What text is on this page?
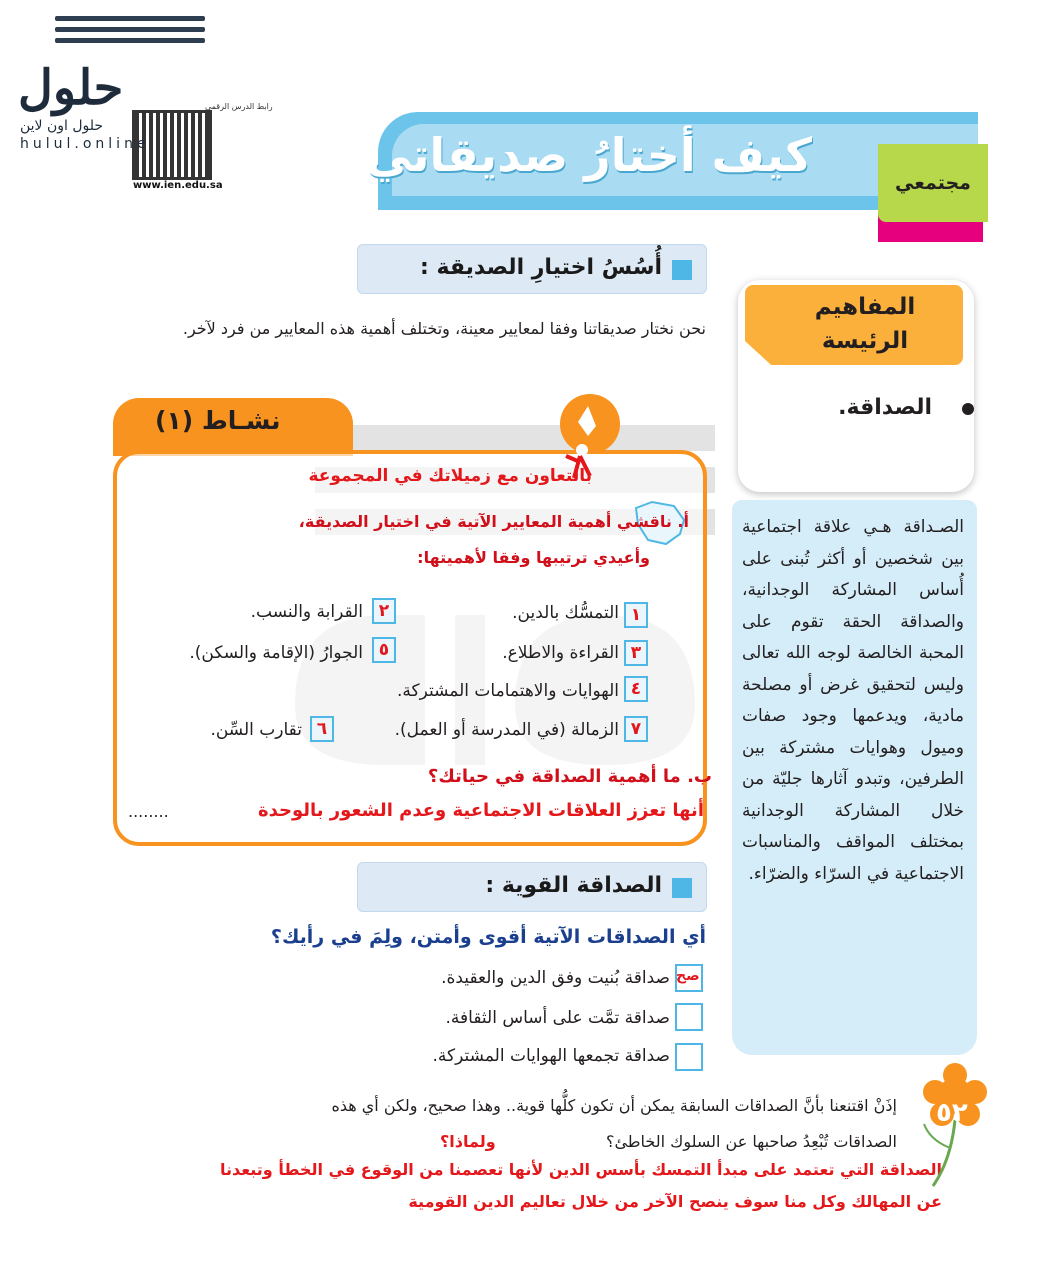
حلول	رابط الدرس الرقمي
حلول اون لاين
hulul.online
www.ien.edu.sa
كيف أختارُ صديقاتي
مجتمعي
المفاهيم
الرئيسة
الصداقة.
الصـداقة هـي علاقة اجتماعية بين شخصين أو أكثر تُبنى على أُساس المشاركة الوجدانية، والصداقة الحقة تقوم على المحبة الخالصة لوجه الله تعالى وليس لتحقيق غرض أو مصلحة مادية، ويدعمها وجود صفات وميول وهوايات مشتركة بين الطرفين، وتبدو آثارها جليّة من خلال المشاركة الوجدانية بمختلف المواقف والمناسبات الاجتماعية في السرّاء والضرّاء.
أُسُسُ اختيارِ الصديقة :
نحن نختار صديقاتنا وفقا لمعايير معينة، وتختلف أهمية هذه المعايير من فرد لآخر.
نشـاط (١)
بالتعاون مع زميلاتك في المجموعة
أ. ناقشي أهمية المعايير الآتية في اختيار الصديقة،
وأعيدي ترتيبها وفقا لأهميتها:
١
التمسُّك بالدين.
٢
القرابة والنسب.
٣
القراءة والاطلاع.
٥
الجوارُ (الإقامة والسكن).
٤
الهوايات والاهتمامات المشتركة.
٧
الزمالة (في المدرسة أو العمل).
٦
تقارب السِّن.
ب. ما أهمية الصداقة في حياتك؟
أنها تعزز العلاقات الاجتماعية وعدم الشعور بالوحدة
........
الصداقة القوية :
أي الصداقات الآتية أقوى وأمتن، ولِمَ في رأيك؟
صح
صداقة بُنيت وفق الدين والعقيدة.
صداقة تمَّت على أساس الثقافة.
صداقة تجمعها الهوايات المشتركة.
إذَنْ اقتنعنا بأنَّ الصداقات السابقة يمكن أن تكون كلُّها قوية.. وهذا صحيح، ولكن أي هذه
الصداقات تُبْعِدُ صاحبها عن السلوك الخاطئ؟
ولماذا؟
الصداقة التي تعتمد على مبدأ التمسك بأسس الدين لأنها تعصمنا من الوقوع في الخطأ وتبعدنا
عن المهالك وكل منا سوف ينصح الآخر من خلال تعاليم الدين القومية
٥٢
